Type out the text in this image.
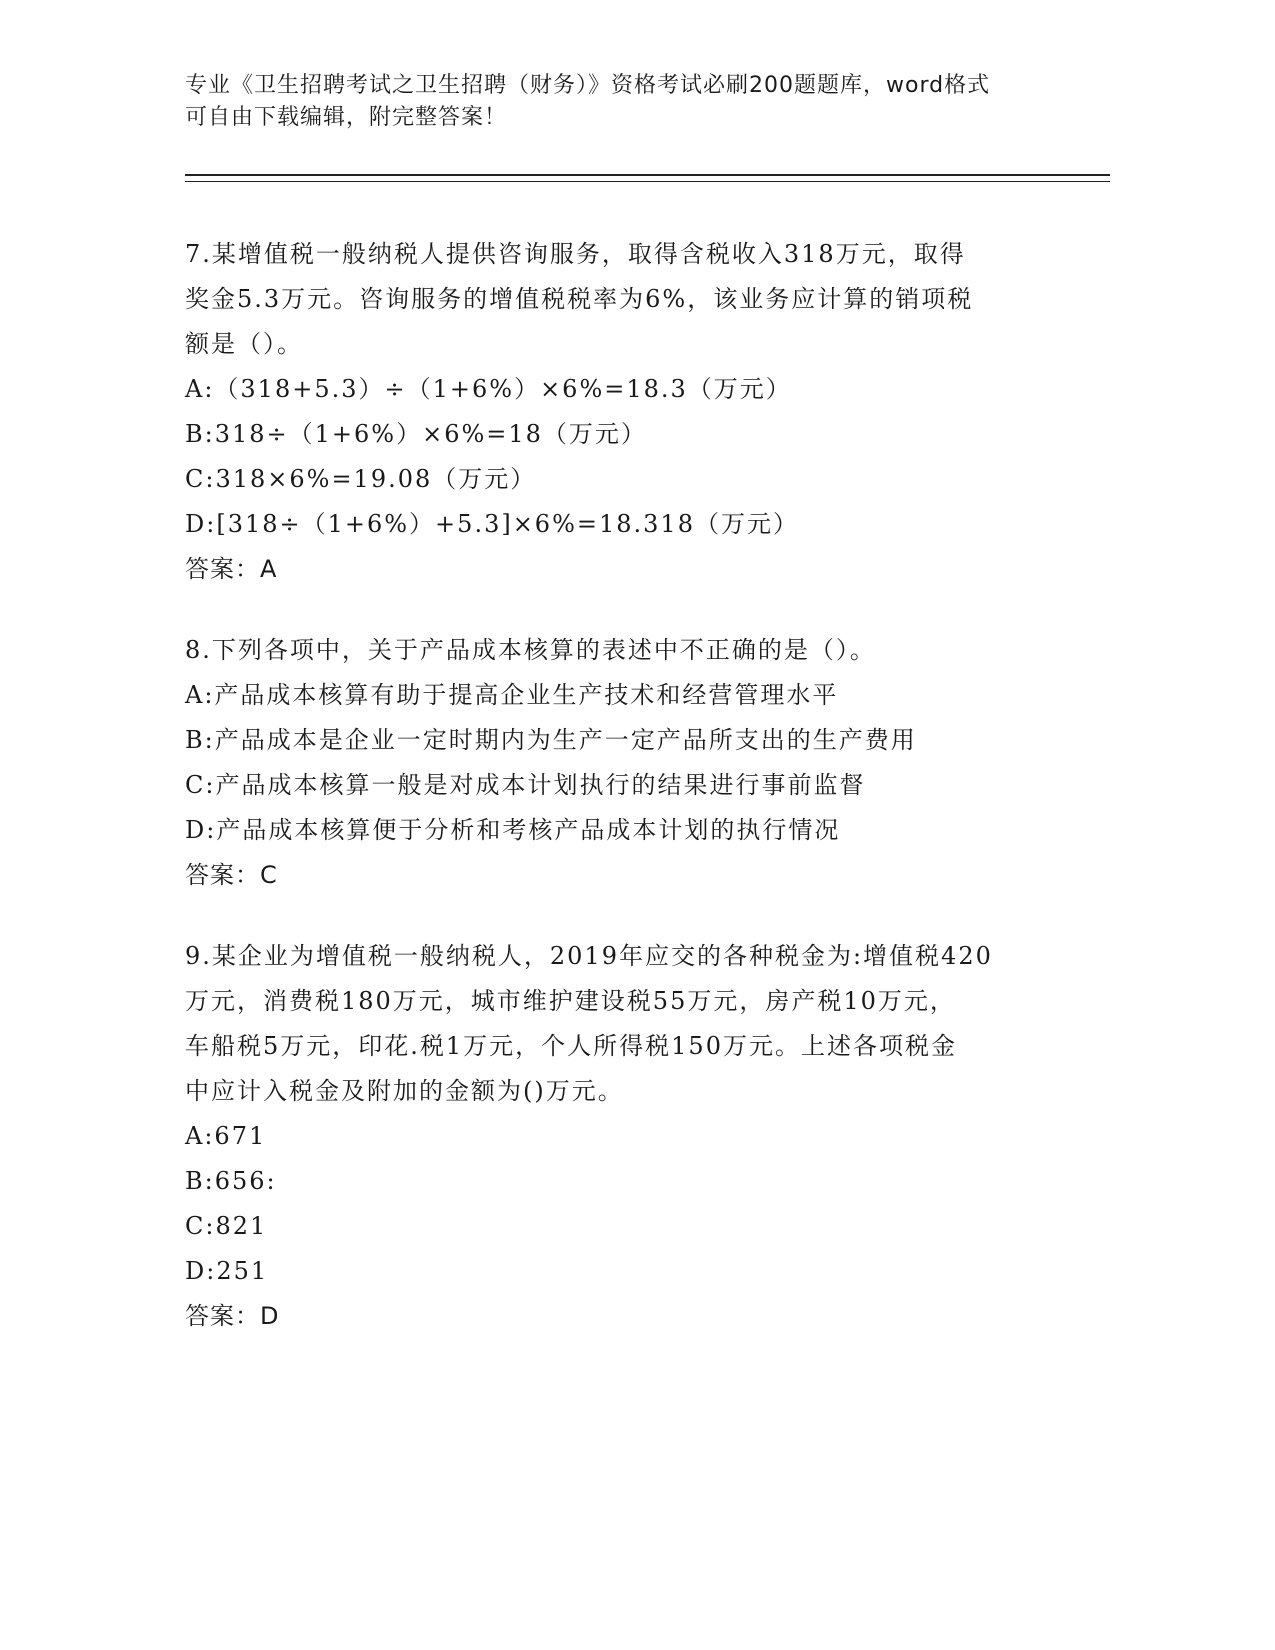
专业《卫生招聘考试之卫生招聘（财务）》资格考试必刷200题题库，word格式
可自由下载编辑，附完整答案！

7.某增值税一般纳税人提供咨询服务，取得含税收入318万元，取得

奖金5.3万元。咨询服务的增值税税率为6%，该业务应计算的销项税

额是（）。

A:（318+5.3）÷（1+6%）×6%=18.3（万元）

B:318÷（1+6%）×6%=18（万元）

C:318×6%=19.08（万元）

D:[318÷（1+6%）+5.3]×6%=18.318（万元）

答案：A

8.下列各项中，关于产品成本核算的表述中不正确的是（）。

A:产品成本核算有助于提高企业生产技术和经营管理水平

B:产品成本是企业一定时期内为生产一定产品所支出的生产费用

C:产品成本核算一般是对成本计划执行的结果进行事前监督

D:产品成本核算便于分析和考核产品成本计划的执行情况

答案：C

9.某企业为增值税一般纳税人，2019年应交的各种税金为:增值税420

万元，消费税180万元，城市维护建设税55万元，房产税10万元，

车船税5万元，印花.税1万元，个人所得税150万元。上述各项税金

中应计入税金及附加的金额为()万元。

A:671

B:656:

C:821

D:251

答案：D
